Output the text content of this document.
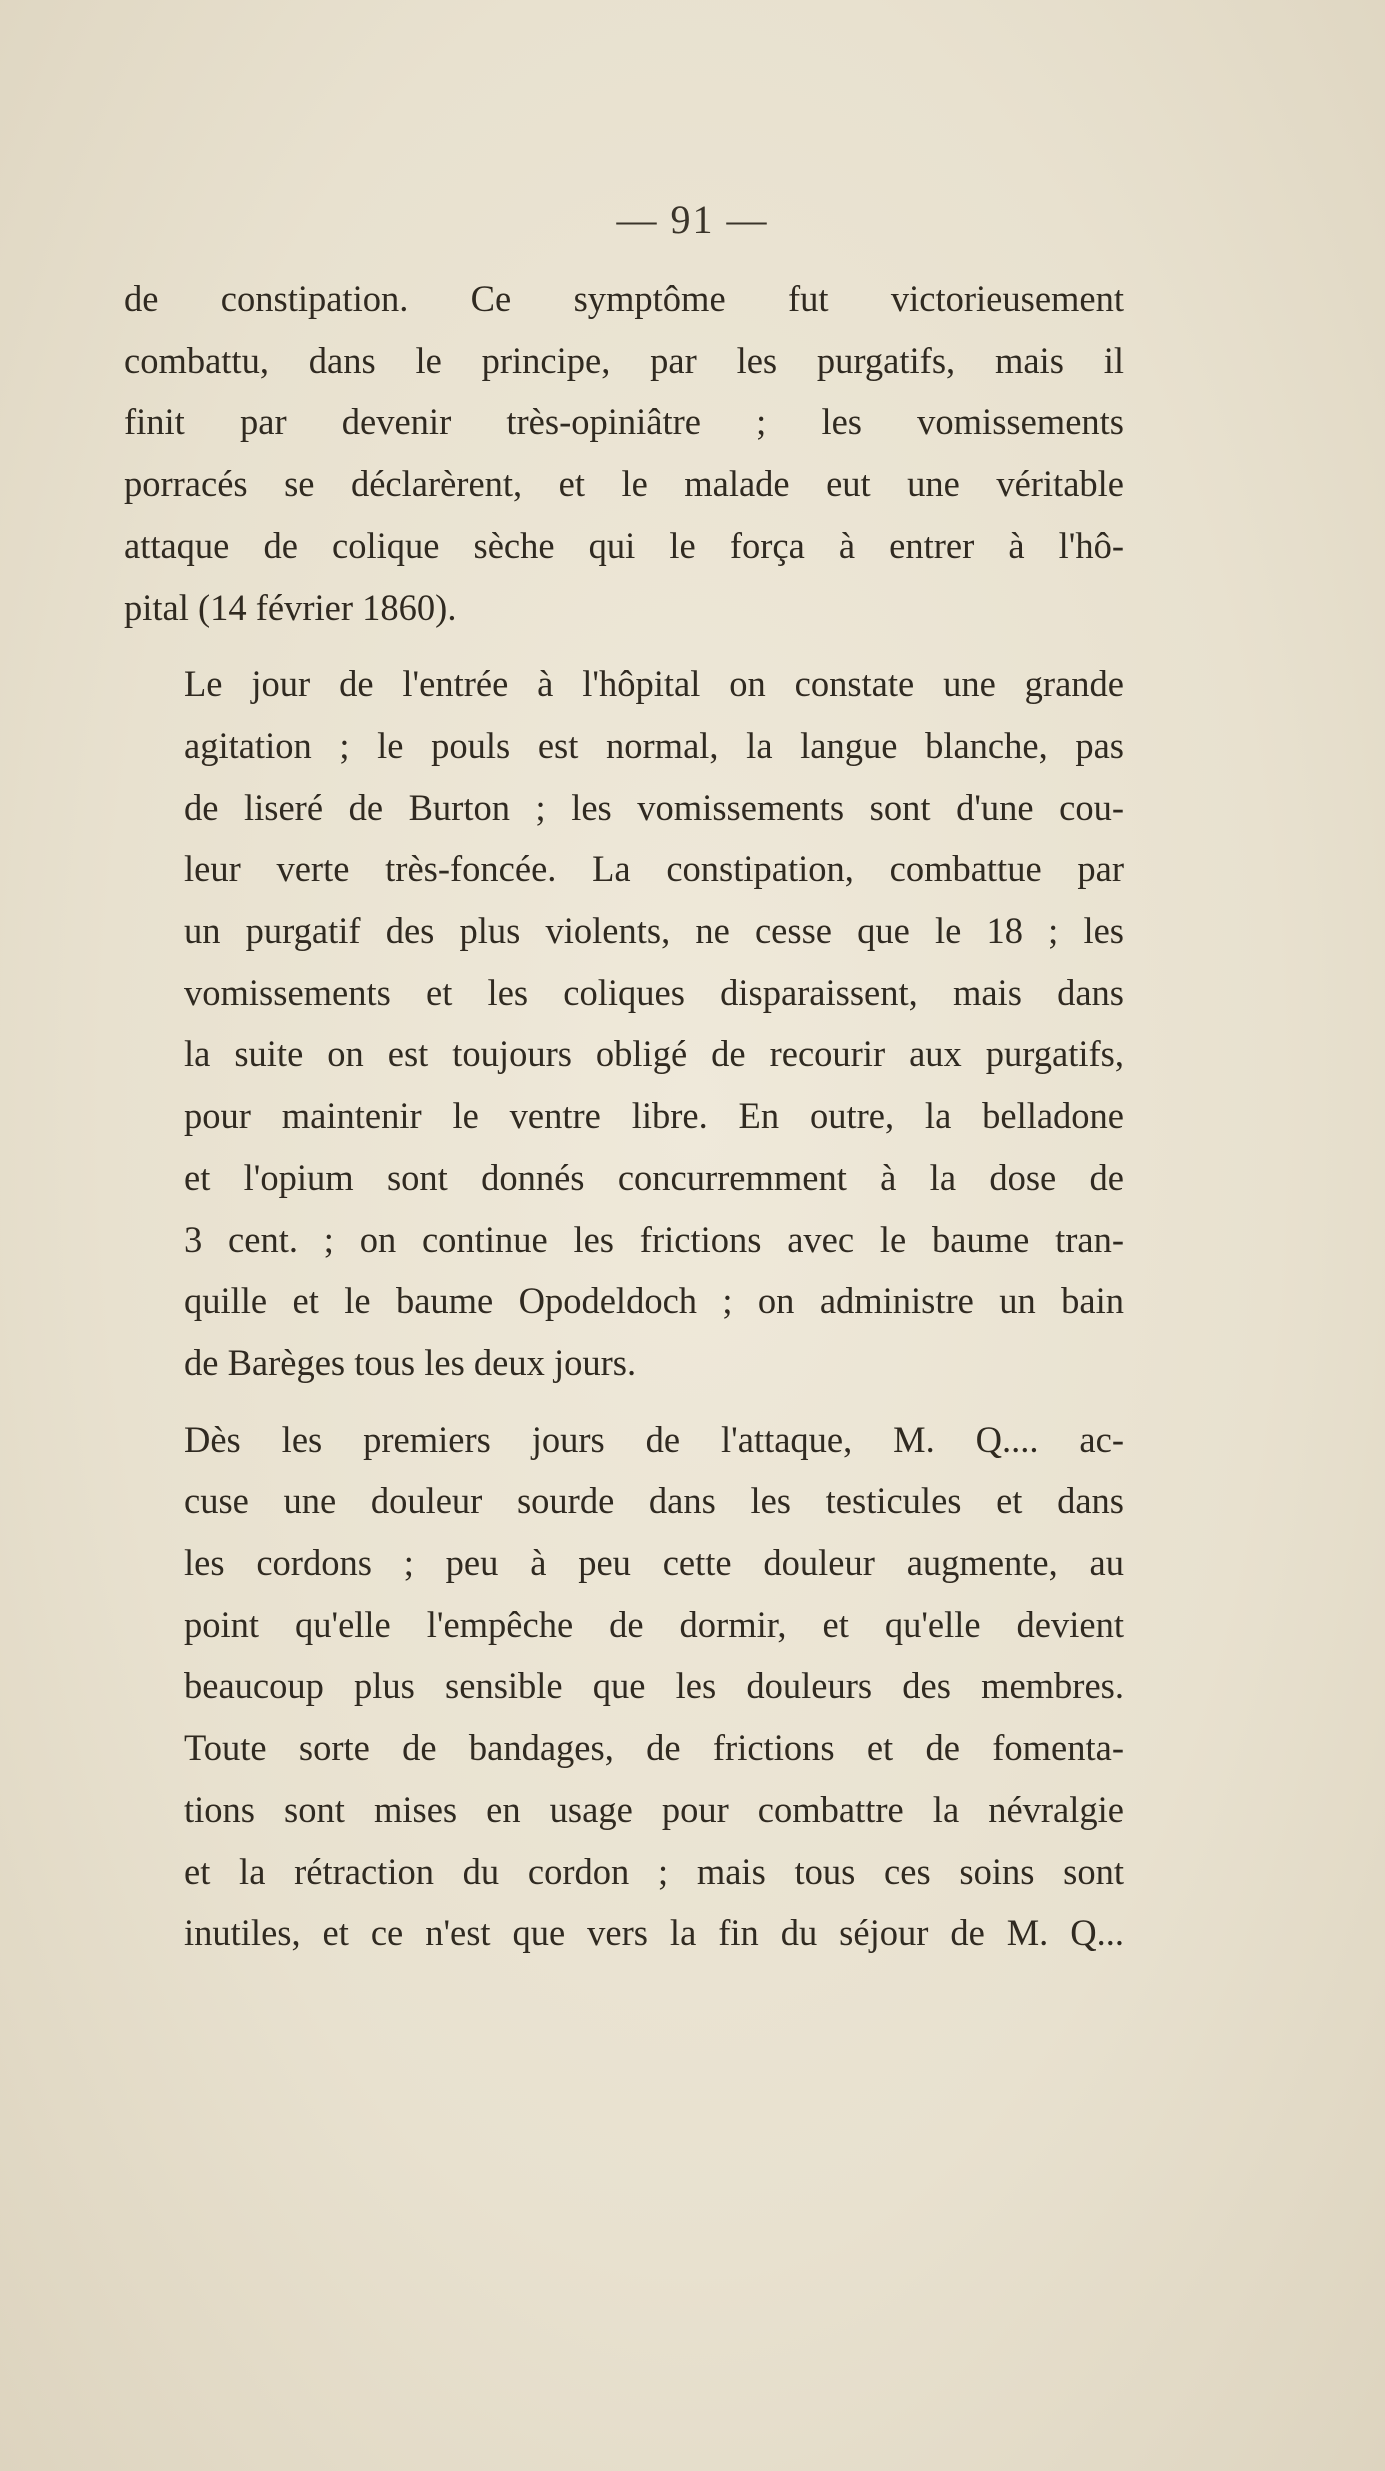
— 91 —

de constipation. Ce symptôme fut victorieusement
combattu, dans le principe, par les purgatifs, mais il
finit par devenir très-opiniâtre ; les vomissements
porracés se déclarèrent, et le malade eut une véritable
attaque de colique sèche qui le força à entrer à l'hô-
pital (14 février 1860).

Le jour de l'entrée à l'hôpital on constate une grande
agitation ; le pouls est normal, la langue blanche, pas
de liseré de Burton ; les vomissements sont d'une cou-
leur verte très-foncée. La constipation, combattue par
un purgatif des plus violents, ne cesse que le 18 ; les
vomissements et les coliques disparaissent, mais dans
la suite on est toujours obligé de recourir aux purgatifs,
pour maintenir le ventre libre. En outre, la belladone
et l'opium sont donnés concurremment à la dose de
3 cent. ; on continue les frictions avec le baume tran-
quille et le baume Opodeldoch ; on administre un bain
de Barèges tous les deux jours.

Dès les premiers jours de l'attaque, M. Q.... ac-
cuse une douleur sourde dans les testicules et dans
les cordons ; peu à peu cette douleur augmente, au
point qu'elle l'empêche de dormir, et qu'elle devient
beaucoup plus sensible que les douleurs des membres.
Toute sorte de bandages, de frictions et de fomenta-
tions sont mises en usage pour combattre la névralgie
et la rétraction du cordon ; mais tous ces soins sont
inutiles, et ce n'est que vers la fin du séjour de M. Q...
